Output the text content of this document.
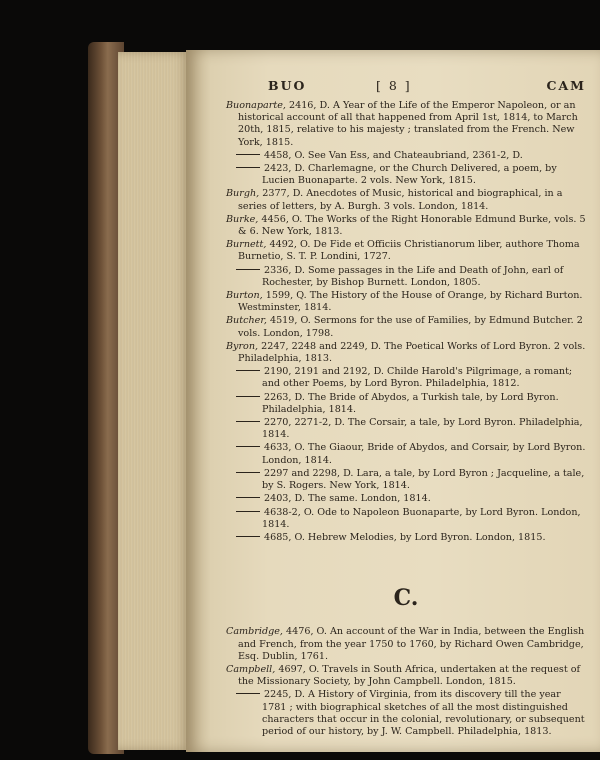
BUO	[ 8 ]	CAM

Buonaparte, 2416, D. A Year of the Life of the Emperor Napoleon, or an historical account of all that happened from April 1st, 1814, to March 20th, 1815, relative to his majesty ; translated from the French. New York, 1815.

4458, O. See Van Ess, and Chateaubriand, 2361-2, D.

2423, D. Charlemagne, or the Church Delivered, a poem, by Lucien Buonaparte. 2 vols. New York, 1815.

Burgh, 2377, D. Anecdotes of Music, historical and biographical, in a series of letters, by A. Burgh. 3 vols. London, 1814.

Burke, 4456, O. The Works of the Right Honorable Edmund Burke, vols. 5 & 6. New York, 1813.

Burnett, 4492, O. De Fide et Officiis Christianorum liber, authore Thoma Burnetio, S. T. P. Londini, 1727.

2336, D. Some passages in the Life and Death of John, earl of Rochester, by Bishop Burnett. London, 1805.

Burton, 1599, Q. The History of the House of Orange, by Richard Burton. Westminster, 1814.

Butcher, 4519, O. Sermons for the use of Families, by Edmund Butcher. 2 vols. London, 1798.

Byron, 2247, 2248 and 2249, D. The Poetical Works of Lord Byron. 2 vols. Philadelphia, 1813.

2190, 2191 and 2192, D. Childe Harold's Pilgrimage, a romant; and other Poems, by Lord Byron. Philadelphia, 1812.

2263, D. The Bride of Abydos, a Turkish tale, by Lord Byron. Philadelphia, 1814.

2270, 2271-2, D. The Corsair, a tale, by Lord Byron. Philadelphia, 1814.

4633, O. The Giaour, Bride of Abydos, and Corsair, by Lord Byron. London, 1814.

2297 and 2298, D. Lara, a tale, by Lord Byron ; Jacqueline, a tale, by S. Rogers. New York, 1814.

2403, D. The same. London, 1814.

4638-2, O. Ode to Napoleon Buonaparte, by Lord Byron. London, 1814.

4685, O. Hebrew Melodies, by Lord Byron. London, 1815.

C.

Cambridge, 4476, O. An account of the War in India, between the English and French, from the year 1750 to 1760, by Richard Owen Cambridge, Esq. Dublin, 1761.

Campbell, 4697, O. Travels in South Africa, undertaken at the request of the Missionary Society, by John Campbell. London, 1815.

2245, D. A History of Virginia, from its discovery till the year 1781 ; with biographical sketches of all the most distinguished characters that occur in the colonial, revolutionary, or subsequent period of our history, by J. W. Campbell. Philadelphia, 1813.
